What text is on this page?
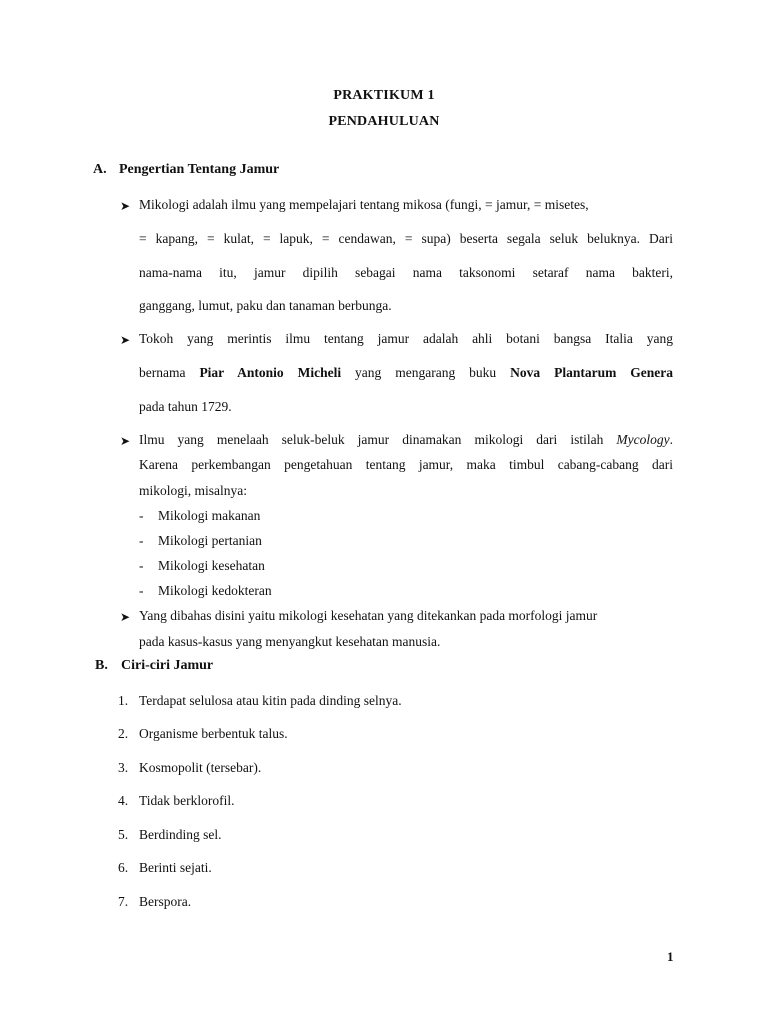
PRAKTIKUM 1
PENDAHULUAN
A. Pengertian Tentang Jamur
➤ Mikologi adalah ilmu yang mempelajari tentang mikosa (fungi, = jamur, = misetes,
= kapang, = kulat, = lapuk, = cendawan, = supa) beserta segala seluk beluknya. Dari
nama-nama itu, jamur dipilih sebagai nama taksonomi setaraf nama bakteri,
ganggang, lumut, paku dan tanaman berbunga.
➤ Tokoh yang merintis ilmu tentang jamur adalah ahli botani bangsa Italia yang
bernama Piar Antonio Micheli yang mengarang buku Nova Plantarum Genera
pada tahun 1729.
➤ Ilmu yang menelaah seluk-beluk jamur dinamakan mikologi dari istilah Mycology.
Karena perkembangan pengetahuan tentang jamur, maka timbul cabang-cabang dari
mikologi, misalnya:
- Mikologi makanan
- Mikologi pertanian
- Mikologi kesehatan
- Mikologi kedokteran
➤ Yang dibahas disini yaitu mikologi kesehatan yang ditekankan pada morfologi jamur
pada kasus-kasus yang menyangkut kesehatan manusia.
B. Ciri-ciri Jamur
1. Terdapat selulosa atau kitin pada dinding selnya.
2. Organisme berbentuk talus.
3. Kosmopolit (tersebar).
4. Tidak berklorofil.
5. Berdinding sel.
6. Berinti sejati.
7. Berspora.
1
